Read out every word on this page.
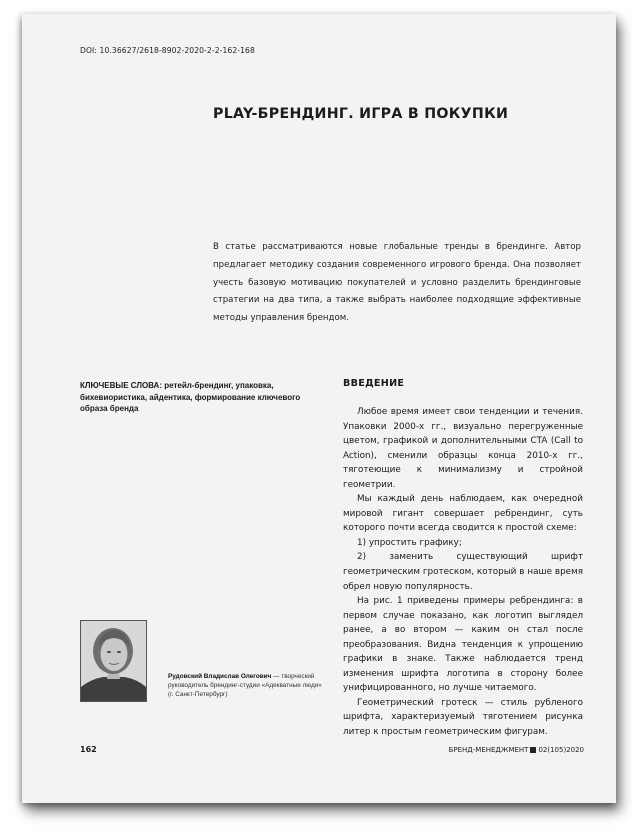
DOI: 10.36627/2618-8902-2020-2-2-162-168
PLAY-БРЕНДИНГ. ИГРА В ПОКУПКИ
В статье рассматриваются новые глобальные тренды в брендинге. Автор предлагает методику создания современного игрового бренда. Она позволяет учесть базовую мотивацию покупателей и условно разделить брендинговые стратегии на два типа, а также выбрать наиболее подходящие эффективные методы управления брендом.
КЛЮЧЕВЫЕ СЛОВА: ретейл-брендинг, упаковка, бихевиористика, айдентика, формирование ключевого образа бренда
ВВЕДЕНИЕ

Любое время имеет свои тенденции и течения. Упаковки 2000-х гг., визуально перегруженные цветом, графикой и дополнительными CTA (Call to Action), сменили образцы конца 2010-х гг., тяготеющие к минимализму и стройной геометрии.

Мы каждый день наблюдаем, как очередной мировой гигант совершает ребрендинг, суть которого почти всегда сводится к простой схеме:

1) упростить графику;

2) заменить существующий шрифт геометрическим гротеском, который в наше время обрел новую популярность.

На рис. 1 приведены примеры ребрендинга: в первом случае показано, как логотип выглядел ранее, а во втором — каким он стал после преобразования. Видна тенденция к упрощению графики в знаке. Также наблюдается тренд изменения шрифта логотипа в сторону более унифицированного, но лучше читаемого.

Геометрический гротеск — стиль рубленого шрифта, характеризуемый тяготением рисунка литер к простым геометрическим фигурам.

Рудовский Владислав Олегович — творческий руководитель брендинг-студии «Адекватные люди» (г. Санкт-Петербург)
162	БРЕНД-МЕНЕДЖМЕНТ 02(105)2020
